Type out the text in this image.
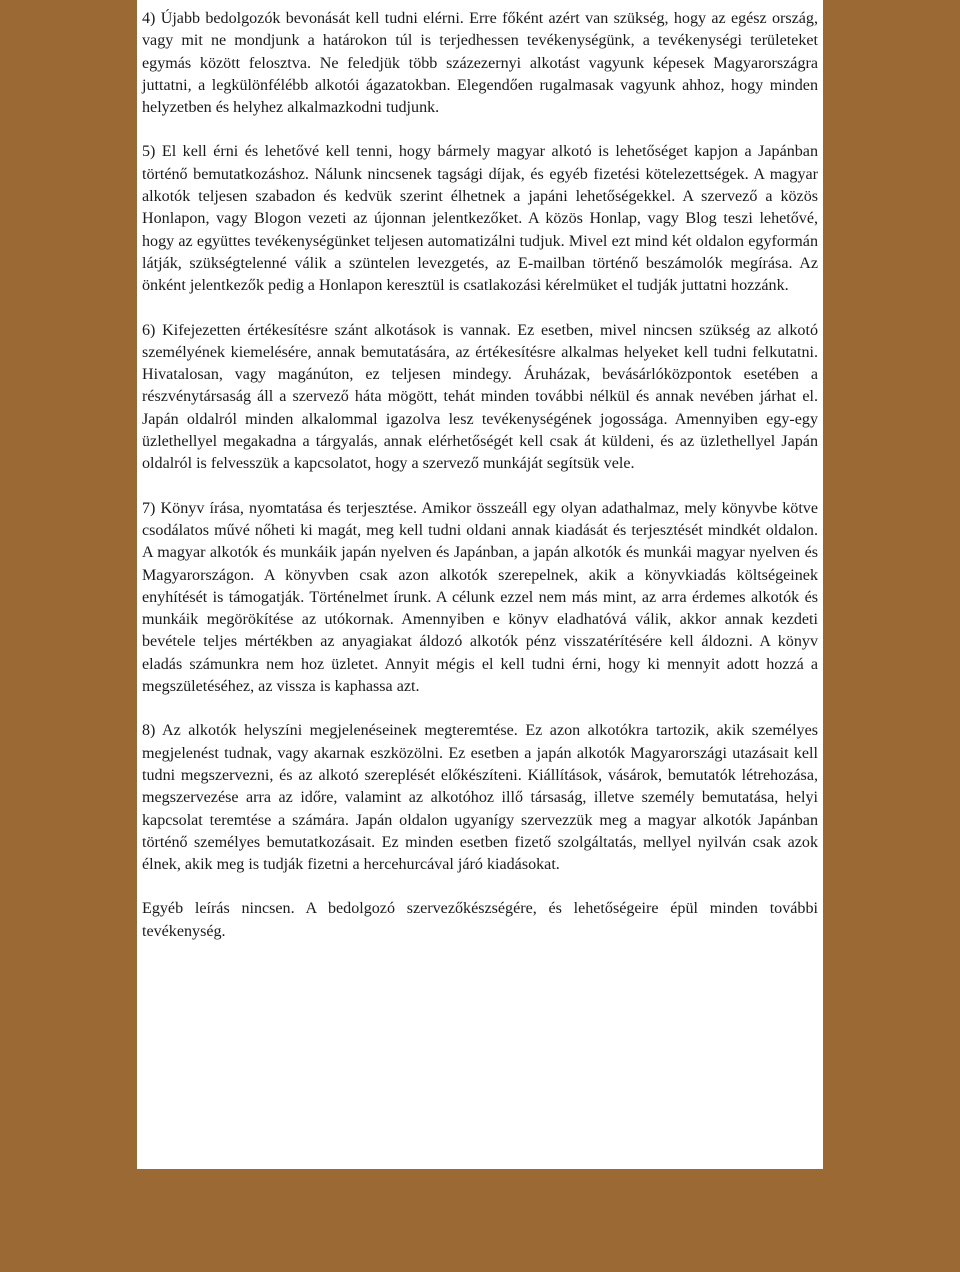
4) Újabb bedolgozók bevonását kell tudni elérni. Erre főként azért van szükség, hogy az egész ország, vagy mit ne mondjunk a határokon túl is terjedhessen tevékenységünk, a tevékenységi területeket egymás között felosztva. Ne feledjük több százezernyi alkotást vagyunk képesek Magyarországra juttatni, a legkülönfélébb alkotói ágazatokban. Elegendően rugalmasak vagyunk ahhoz, hogy minden helyzetben és helyhez alkalmazkodni tudjunk.

5) El kell érni és lehetővé kell tenni, hogy bármely magyar alkotó is lehetőséget kapjon a Japánban történő bemutatkozáshoz. Nálunk nincsenek tagsági díjak, és egyéb fizetési kötelezettségek. A magyar alkotók teljesen szabadon és kedvük szerint élhetnek a japáni lehetőségekkel. A szervező a közös Honlapon, vagy Blogon vezeti az újonnan jelentkezőket. A közös Honlap, vagy Blog teszi lehetővé, hogy az együttes tevékenységünket teljesen automatizálni tudjuk. Mivel ezt mind két oldalon egyformán látják, szükségtelenné válik a szüntelen levezgetés, az E-mailban történő beszámolók megírása. Az önként jelentkezők pedig a Honlapon keresztül is csatlakozási kérelmüket el tudják juttatni hozzánk.

6) Kifejezetten értékesítésre szánt alkotások is vannak. Ez esetben, mivel nincsen szükség az alkotó személyének kiemelésére, annak bemutatására, az értékesítésre alkalmas helyeket kell tudni felkutatni. Hivatalosan, vagy magánúton, ez teljesen mindegy. Áruházak, bevásárlóközpontok esetében a részvénytársaság áll a szervező háta mögött, tehát minden további nélkül és annak nevében járhat el. Japán oldalról minden alkalommal igazolva lesz tevékenységének jogossága. Amennyiben egy-egy üzlethellyel megakadna a tárgyalás, annak elérhetőségét kell csak át küldeni, és az üzlethellyel Japán oldalról is felvesszük a kapcsolatot, hogy a szervező munkáját segítsük vele.

7) Könyv írása, nyomtatása és terjesztése. Amikor összeáll egy olyan adathalmaz, mely könyvbe kötve csodálatos művé nőheti ki magát, meg kell tudni oldani annak kiadását és terjesztését mindkét oldalon. A magyar alkotók és munkáik japán nyelven és Japánban, a japán alkotók és munkái magyar nyelven és Magyarországon. A könyvben csak azon alkotók szerepelnek, akik a könyvkiadás költségeinek enyhítését is támogatják. Történelmet írunk. A célunk ezzel nem más mint, az arra érdemes alkotók és munkáik megörökítése az utókornak. Amennyiben e könyv eladhatóvá válik, akkor annak kezdeti bevétele teljes mértékben az anyagiakat áldozó alkotók pénz visszatérítésére kell áldozni. A könyv eladás számunkra nem hoz üzletet. Annyit mégis el kell tudni érni, hogy ki mennyit adott hozzá a megszületéséhez, az vissza is kaphassa azt.

8) Az alkotók helyszíni megjelenéseinek megteremtése. Ez azon alkotókra tartozik, akik személyes megjelenést tudnak, vagy akarnak eszközölni. Ez esetben a japán alkotók Magyarországi utazásait kell tudni megszervezni, és az alkotó szereplését előkészíteni. Kiállítások, vásárok, bemutatók létrehozása, megszervezése arra az időre, valamint az alkotóhoz illő társaság, illetve személy bemutatása, helyi kapcsolat teremtése a számára. Japán oldalon ugyanígy szervezzük meg a magyar alkotók Japánban történő személyes bemutatkozásait. Ez minden esetben fizető szolgáltatás, mellyel nyilván csak azok élnek, akik meg is tudják fizetni a hercehurcával járó kiadásokat.

Egyéb leírás nincsen. A bedolgozó szervezőkészségére, és lehetőségeire épül minden további tevékenység.
